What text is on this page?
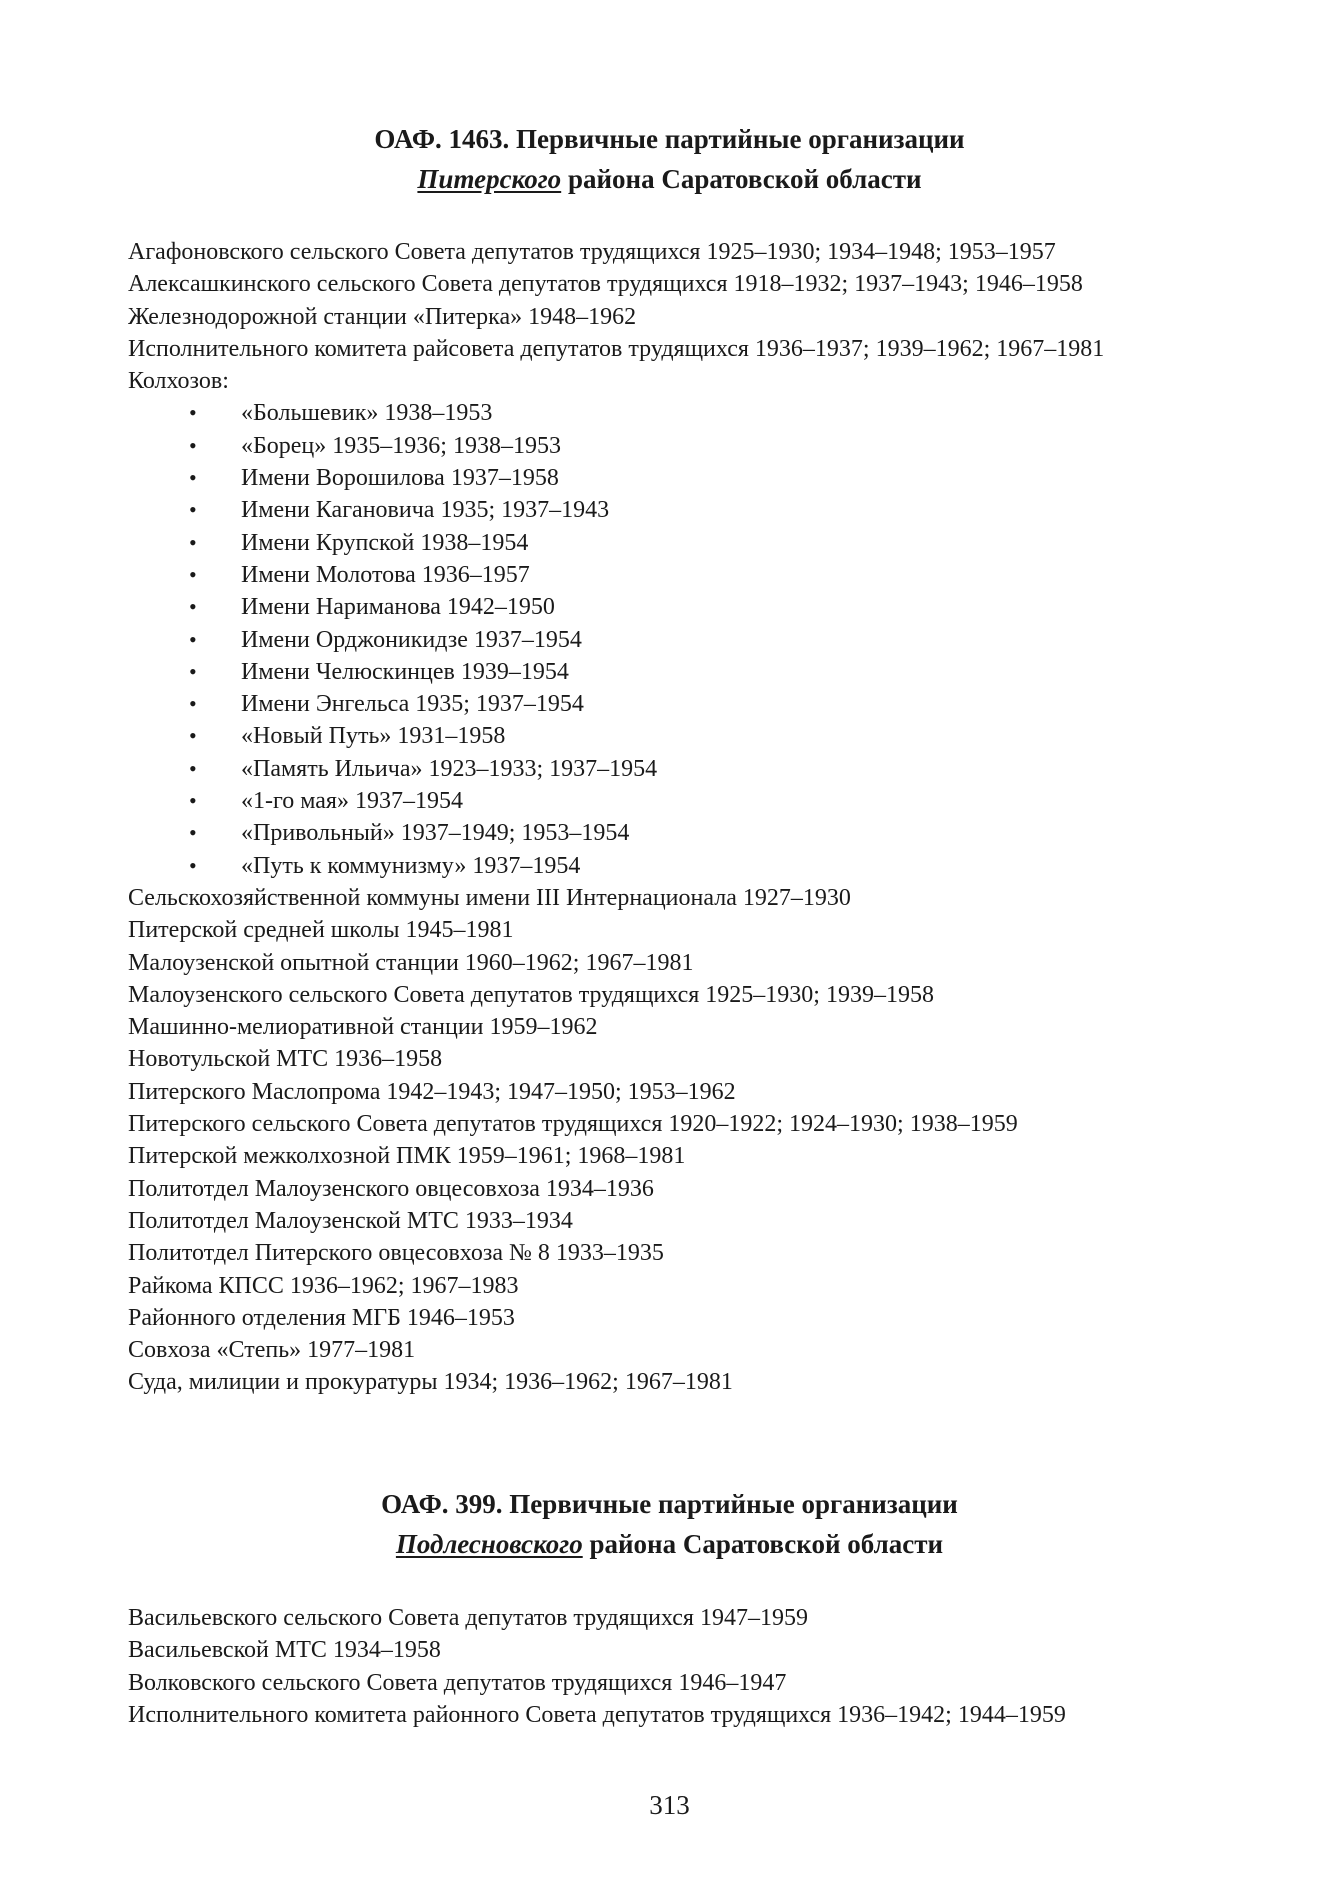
ОАФ. 1463. Первичные партийные организации
Питерского района Саратовской области
Агафоновского сельского Совета депутатов трудящихся 1925–1930; 1934–1948; 1953–1957
Алексашкинского сельского Совета депутатов трудящихся 1918–1932; 1937–1943; 1946–1958
Железнодорожной станции «Питерка» 1948–1962
Исполнительного комитета райсовета депутатов трудящихся 1936–1937; 1939–1962; 1967–1981
Колхозов:
• «Большевик» 1938–1953
• «Борец» 1935–1936; 1938–1953
• Имени Ворошилова 1937–1958
• Имени Кагановича 1935; 1937–1943
• Имени Крупской 1938–1954
• Имени Молотова 1936–1957
• Имени Нариманова 1942–1950
• Имени Орджоникидзе 1937–1954
• Имени Челюскинцев 1939–1954
• Имени Энгельса 1935; 1937–1954
• «Новый Путь» 1931–1958
• «Память Ильича» 1923–1933; 1937–1954
• «1-го мая» 1937–1954
• «Привольный» 1937–1949; 1953–1954
• «Путь к коммунизму» 1937–1954
Сельскохозяйственной коммуны имени III Интернационала 1927–1930
Питерской средней школы 1945–1981
Малоузенской опытной станции 1960–1962; 1967–1981
Малоузенского сельского Совета депутатов трудящихся 1925–1930; 1939–1958
Машинно-мелиоративной станции 1959–1962
Новотульской МТС 1936–1958
Питерского Маслопрома 1942–1943; 1947–1950; 1953–1962
Питерского сельского Совета депутатов трудящихся 1920–1922; 1924–1930; 1938–1959
Питерской межколхозной ПМК 1959–1961; 1968–1981
Политотдел Малоузенского овцесовхоза 1934–1936
Политотдел Малоузенской МТС 1933–1934
Политотдел Питерского овцесовхоза № 8 1933–1935
Райкома КПСС 1936–1962; 1967–1983
Районного отделения МГБ 1946–1953
Совхоза «Степь» 1977–1981
Суда, милиции и прокуратуры 1934; 1936–1962; 1967–1981
ОАФ. 399. Первичные партийные организации
Подлесновского района Саратовской области
Васильевского сельского Совета депутатов трудящихся 1947–1959
Васильевской МТС 1934–1958
Волковского сельского Совета депутатов трудящихся 1946–1947
Исполнительного комитета районного Совета депутатов трудящихся 1936–1942; 1944–1959
313
